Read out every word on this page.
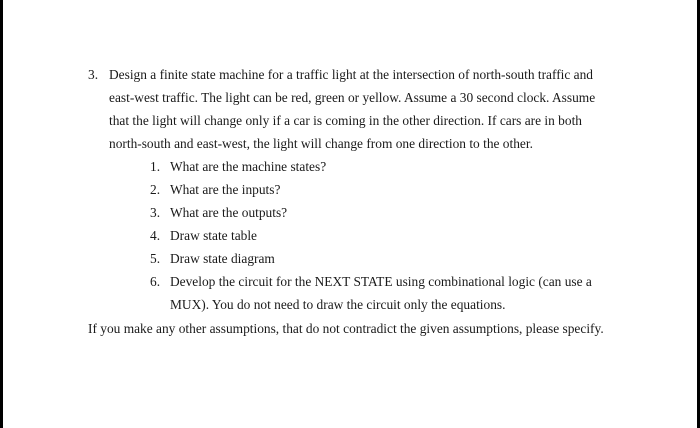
3. Design a finite state machine for a traffic light at the intersection of north-south traffic and
east-west traffic. The light can be red, green or yellow. Assume a 30 second clock. Assume
that the light will change only if a car is coming in the other direction. If cars are in both
north-south and east-west, the light will change from one direction to the other.
1. What are the machine states?
2. What are the inputs?
3. What are the outputs?
4. Draw state table
5. Draw state diagram
6. Develop the circuit for the NEXT STATE using combinational logic (can use a
MUX). You do not need to draw the circuit only the equations.
If you make any other assumptions, that do not contradict the given assumptions, please specify.
